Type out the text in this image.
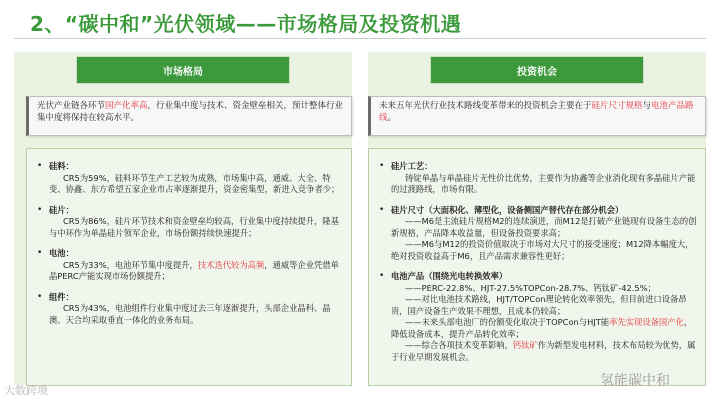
2、“碳中和”光伏领域——市场格局及投资机遇
市场格局
光伏产业链各环节国产化率高，行业集中度与技术、资金壁垒相关，预计整体行业集中度将保持在较高水平。
• 硅料：

CR5为59%，硅料环节生产工艺较为成熟，市场集中高，通威、大全、特变、协鑫、东方希望五家企业市占率逐渐提升，资金密集型，新进入竞争者少；

• 硅片：

CR5为86%，硅片环节技术和资金壁垒均较高，行业集中度持续提升，隆基与中环作为单晶硅片领军企业，市场份额持续快速提升；

• 电池：

CR5为33%，电池环节集中度提升，技术迭代较为高频，通威等企业凭借单晶PERC产能实现市场份额提升；

• 组件：

CR5为43%，电池组件行业集中度过去三年逐渐提升，头部企业晶科、晶澳、天合均采取垂直一体化的业务布局。

投资机会
未来五年光伏行业技术路线变革带来的投资机会主要在于硅片尺寸规格与电池产品路线。
• 硅片工艺：

铸锭单晶与单晶硅片无性价比优势，主要作为协鑫等企业消化现有多晶硅片产能的过渡路线，市场有限。

• 硅片尺寸（大面积化、薄型化，设备侧国产替代存在部分机会）

——M6是主流硅片规格M2的连续演进，而M12是打破产业链现有设备生态的创新规格，产品降本收益量，但设备投资要求高；

——M6与M12的投资价值取决于市场对大尺寸的接受速度；M12降本幅度大，绝对投资收益高于M6，且产品需求兼容性更好；

• 电池产品（围绕光电转换效率）

——PERC-22.8%、HJT-27.5%TOPCon-28.7%、钙钛矿-42.5%；

——对比电池技术路线，HJT/TOPCon理论转化效率领先，但目前进口设备昂贵，国产设备生产效果不理想，且成本仍较高；

——未来头部电池厂的份额变化取决于TOPCon与HJT能率先实现设备国产化，降低设备成本，提升产品转化效率；

——综合各项技术变革影响，钙钛矿作为新型发电材料，技术布局较为优势，属于行业早期发展机会。

大数跨境
氢能碳中和
